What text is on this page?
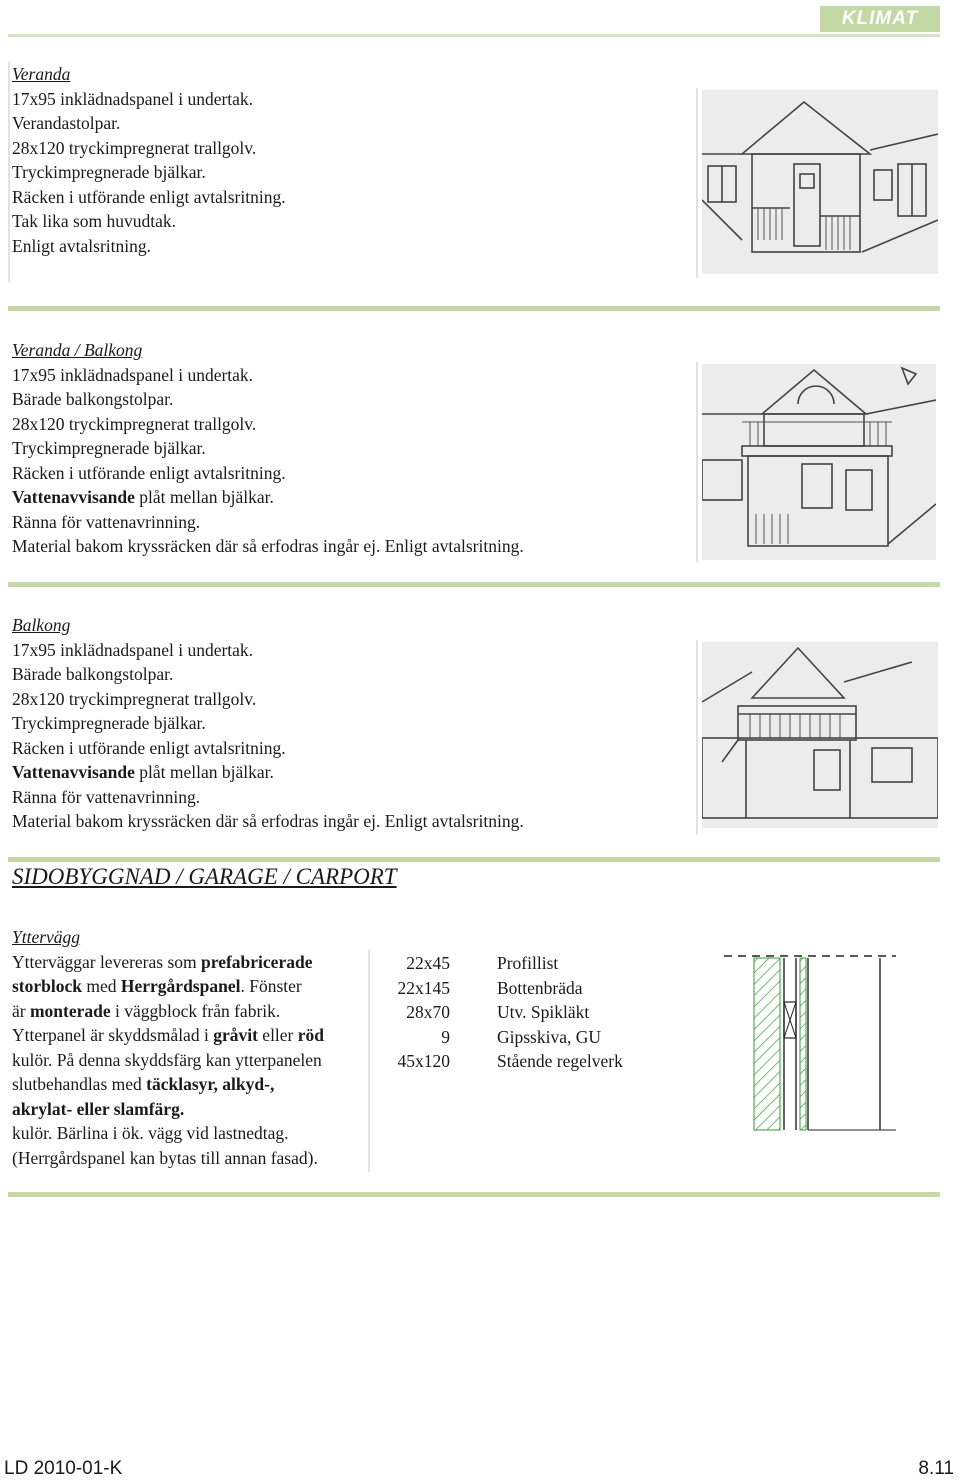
KLIMAT
Veranda
17x95 inklädnadspanel i undertak.
Verandastolpar.
28x120 tryckimpregnerat trallgolv.
Tryckimpregnerade bjälkar.
Räcken i utförande enligt avtalsritning.
Tak lika som huvudtak.
Enligt avtalsritning.
Veranda / Balkong
17x95 inklädnadspanel i undertak.
Bärade balkongstolpar.
28x120 tryckimpregnerat trallgolv.
Tryckimpregnerade bjälkar.
Räcken i utförande enligt avtalsritning.
Vattenavvisande plåt mellan bjälkar.
Ränna för vattenavrinning.
Material bakom kryssräcken där så erfodras ingår ej. Enligt avtalsritning.
Balkong
17x95 inklädnadspanel i undertak.
Bärade balkongstolpar.
28x120 tryckimpregnerat trallgolv.
Tryckimpregnerade bjälkar.
Räcken i utförande enligt avtalsritning.
Vattenavvisande plåt mellan bjälkar.
Ränna för vattenavrinning.
Material bakom kryssräcken där så erfodras ingår ej. Enligt avtalsritning.
SIDOBYGGNAD / GARAGE / CARPORT
Yttervägg
Ytterväggar levereras som prefabricerade
storblock med Herrgårdspanel. Fönster
är monterade i väggblock från fabrik.
Ytterpanel är skyddsmålad i gråvit eller röd
kulör. På denna skyddsfärg kan ytterpanelen
slutbehandlas med täcklasyr, alkyd-,
akrylat- eller slamfärg.
kulör. Bärlina i ök. vägg vid lastnedtag.
(Herrgårdspanel kan bytas till annan fasad).
22x45	Profillist
22x145	Bottenbräda
28x70	Utv. Spikläkt
9	Gipsskiva, GU
45x120	Stående regelverk
LD 2010-01-K	8.11
